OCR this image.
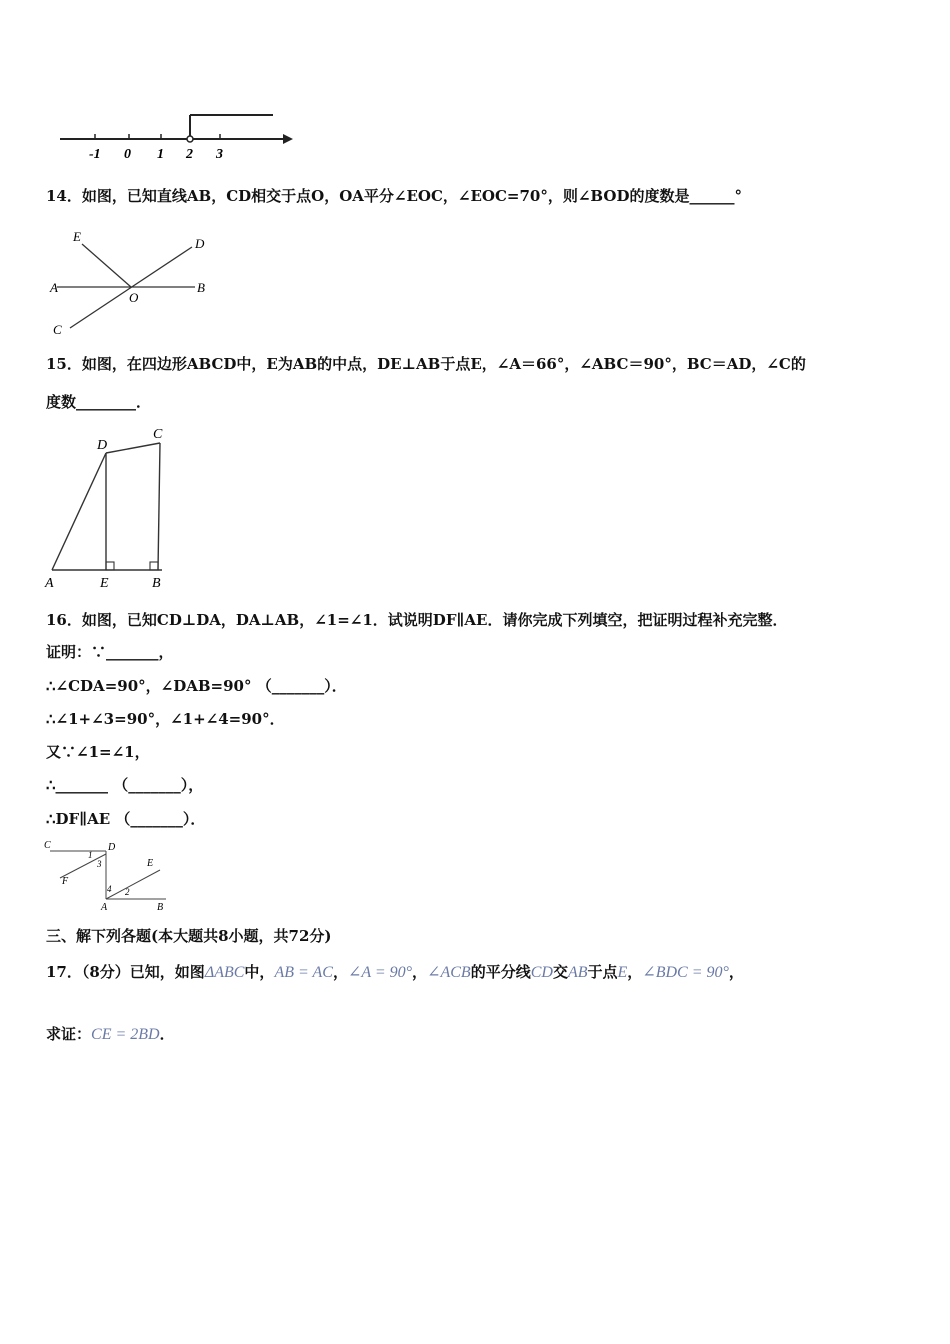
-1 0 1 2 3
14．如图，已知直线AB，CD相交于点O，OA平分∠EOC，∠EOC=70°，则∠BOD的度数是______°
E	D
A
O
B
C
15．如图，在四边形ABCD中，E为AB的中点，DE⊥AB于点E，∠A＝66°，∠ABC＝90°，BC＝AD，∠C的
度数________．
D
C
A	E	B
16．如图，已知CD⊥DA，DA⊥AB，∠1=∠1．试说明DF∥AE．请你完成下列填空，把证明过程补充完整．
证明：∵_______，
∴∠CDA=90°，∠DAB=90° （_______）．
∴∠1+∠3=90°，∠1+∠4=90°．
又∵∠1=∠1，
∴_______ （_______），
∴DF∥AE （_______）．
C	D
1
3
F
E
4 2
A	B
三、解下列各题(本大题共8小题，共72分)
17．（8分）已知，如图ΔABC中，AB = AC，∠A = 90°，∠ACB的平分线CD交AB于点E，∠BDC = 90°，
求证：CE = 2BD．
